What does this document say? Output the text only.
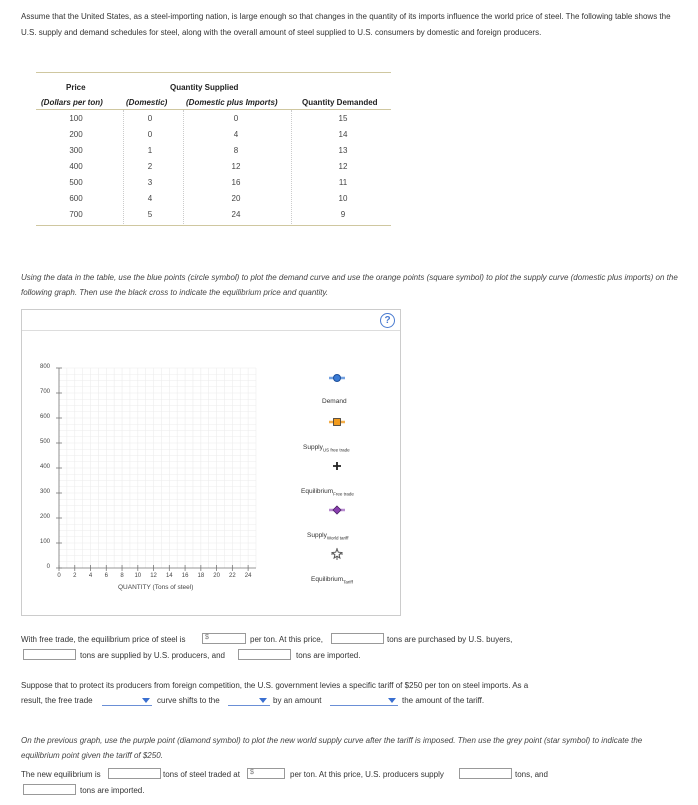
Assume that the United States, as a steel-importing nation, is large enough so that changes in the quantity of its imports influence the world price of steel. The following table shows the U.S. supply and demand schedules for steel, along with the overall amount of steel supplied to U.S. consumers by domestic and foreign producers.
Price	Quantity Supplied
(Dollars per ton)	(Domestic) (Domestic plus Imports)	Quantity Demanded
100	0	0	15
200	0	4	14
300	1	8	13
400	2	12	12
500	3	16	11
600	4	20	10
700	5	24	9
Using the data in the table, use the blue points (circle symbol) to plot the demand curve and use the orange points (square symbol) to plot the supply curve (domestic plus imports) on the following graph. Then use the black cross to indicate the equilibrium price and quantity.
?
QUANTITY (Tons of steel)
800
700
600
500
400
300
200
100
0
0	2	4	6	8	10	12	14	16	18	20	22	24
Demand
Supply$_{US free trade}$
Equilibrium$_{Free trade}$
Supply$_{World tariff}$
Equilibrium$_{Tariff}$
With free trade, the equilibrium price of steel is	$	per ton. At this price,	tons are purchased by U.S. buyers,
tons are supplied by U.S. producers, and	tons are imported.
Suppose that to protect its producers from foreign competition, the U.S. government levies a specific tariff of $250 per ton on steel imports. As a
result, the free trade	curve shifts to the	by an amount	the amount of the tariff.
On the previous graph, use the purple point (diamond symbol) to plot the new world supply curve after the tariff is imposed. Then use the grey point (star symbol) to indicate the equilibrium point given the tariff of $250.
The new equilibrium is	tons of steel traded at $	per ton. At this price, U.S. producers supply	tons, and
tons are imported.
